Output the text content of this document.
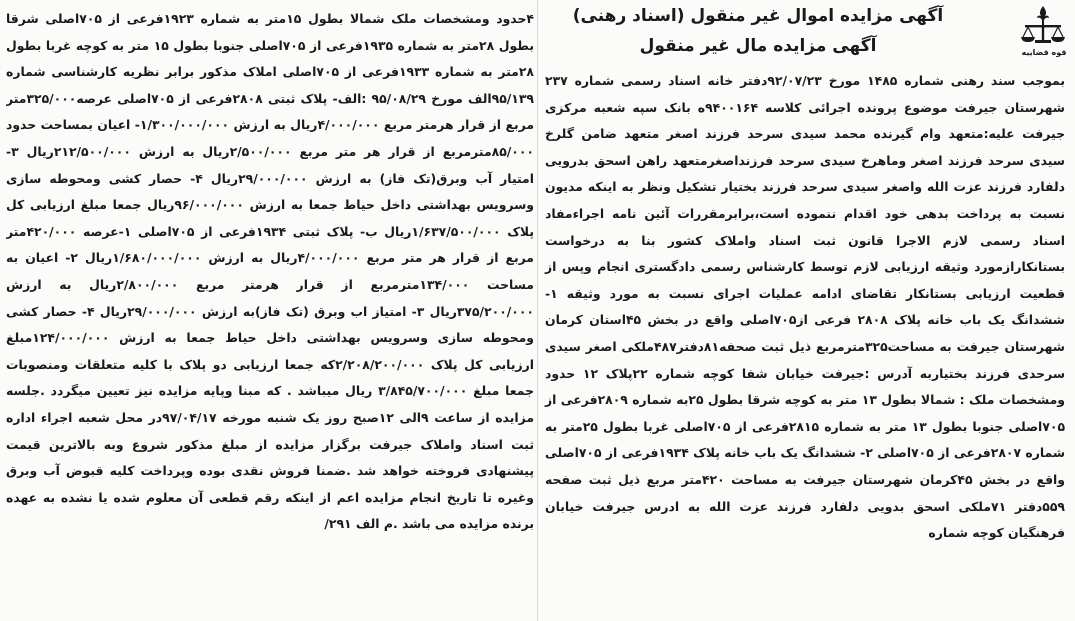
۴حدود ومشخصات ملک شمالا بطول ۱۵متر به شماره ۱۹۲۳فرعی از ۷۰۵اصلی شرقا بطول ۲۸متر به شماره ۱۹۳۵فرعی از ۷۰۵اصلی جنوبا بطول ۱۵ متر به کوچه غربا بطول ۲۸متر به شماره ۱۹۳۳فرعی از ۷۰۵اصلی املاک مذکور برابر نظریه کارشناسی شماره ۹۵/۱۳۹الف مورخ ۹۵/۰۸/۲۹ :الف- پلاک ثبتی ۲۸۰۸فرعی از ۷۰۵اصلی عرصه۳۲۵/۰۰۰متر مربع از قرار هرمتر مربع ۴/۰۰۰/۰۰۰ریال به ارزش ۱/۳۰۰/۰۰۰/۰۰۰- اعیان بمساحت حدود ۸۵/۰۰۰مترمربع از قرار هر متر مربع ۲/۵۰۰/۰۰۰ریال به ارزش ۲۱۲/۵۰۰/۰۰۰ریال ۳- امتیار آب وبرق(تک فاز) به ارزش ۲۹/۰۰۰/۰۰۰ریال ۴- حصار کشی ومحوطه سازی وسرویس بهداشتی داخل حیاط جمعا به ارزش ۹۶/۰۰۰/۰۰۰ریال جمعا مبلغ ارزیابی کل پلاک ۱/۶۳۷/۵۰۰/۰۰۰ریال ب- پلاک ثبتی ۱۹۳۴فرعی از ۷۰۵اصلی ۱-عرصه ۴۲۰/۰۰۰متر مربع از قرار هر متر مربع ۴/۰۰۰/۰۰۰ریال به ارزش ۱/۶۸۰/۰۰۰/۰۰۰ریال ۲- اعیان به مساحت ۱۳۴/۰۰۰مترمربع از قرار هرمتر مربع ۲/۸۰۰/۰۰۰ریال به ارزش ۳۷۵/۲۰۰/۰۰۰ریال ۳- امتیاز اب وبرق (تک فاز)به ارزش ۲۹/۰۰۰/۰۰۰ریال ۴- حصار کشی ومحوطه سازی وسرویس بهداشتی داخل حیاط جمعا به ارزش ۱۲۴/۰۰۰/۰۰۰مبلغ ارزیابی کل پلاک ۲/۲۰۸/۲۰۰/۰۰۰که جمعا ارزیابی دو پلاک با کلیه متعلقات ومنصوبات جمعا مبلغ ۳/۸۴۵/۷۰۰/۰۰۰ ریال میباشد . که مبنا وپایه مزایده نیز تعیین میگردد .جلسه مزایده از ساعت ۹الی ۱۲صبح روز یک شنبه مورخه ۹۷/۰۴/۱۷در محل شعبه اجراء اداره ثبت اسناد واملاک جیرفت برگزار مزایده از مبلغ مذکور شروع وبه بالاترین قیمت پیشنهادی فروخته خواهد شد .ضمنا فروش نقدی بوده وپرداخت کلیه قبوض آب وبرق وغیره تا تاریخ انجام مزایده اعم از اینکه رقم قطعی آن معلوم شده یا نشده به عهده برنده مزایده می باشد .م الف ۲۹۱/
قوه قضاییه
آگهی مزایده اموال غیر منقول (اسناد رهنی)
آگهی مزایده مال غیر منقول
بموجب سند رهنی شماره ۱۴۸۵ مورخ ۹۲/۰۷/۲۳دفتر خانه اسناد رسمی شماره ۲۳۷ شهرستان جیرفت موضوع پرونده اجرائی کلاسه ۹۴۰۰۱۶۴ه بانک سپه شعبه مرکزی جیرفت علیه:متعهد وام گیرنده محمد سیدی سرحد فرزند اصغر متعهد ضامن گلرخ سیدی سرحد فرزند اصغر وماهرخ سیدی سرحد فرزنداصغرمتعهد راهن اسحق بدرویی دلفارد فرزند عزت الله واصغر سیدی سرحد فرزند بختیار تشکیل ونظر به اینکه مدیون نسبت به پرداخت بدهی خود اقدام ننموده است،برابرمقررات آئین نامه اجراءمفاد اسناد رسمی لازم الاجرا قانون ثبت اسناد واملاک کشور بنا به درخواست بستانکارازمورد وثیقه ارزیابی لازم توسط کارشناس رسمی دادگستری انجام وپس از قطعیت ارزیابی بستانکار تقاضای ادامه عملیات اجرای نسبت به مورد وثیقه ۱- ششدانگ یک باب خانه پلاک ۲۸۰۸ فرعی از۷۰۵اصلی واقع در بخش ۴۵استان کرمان شهرستان جیرفت به مساحت۳۲۵مترمربع ذیل ثبت صحفه۸۱دفتر۴۸۷ملکی اصغر سیدی سرحدی فرزند بختیاربه آدرس :جیرفت خیابان شفا کوچه شماره ۲۲پلاک ۱۲ حدود ومشخصات ملک : شمالا بطول ۱۳ متر به کوچه شرقا بطول ۲۵به شماره ۲۸۰۹فرعی از ۷۰۵اصلی جنوبا بطول ۱۳ متر به شماره ۲۸۱۵فرعی از ۷۰۵اصلی غربا بطول ۲۵متر به شماره ۲۸۰۷فرعی از ۷۰۵اصلی ۲- ششدانگ یک باب خانه پلاک ۱۹۳۴فرعی از ۷۰۵اصلی واقع در بخش ۴۵کرمان شهرستان جیرفت به مساحت ۴۲۰متر مربع ذیل ثبت صفحه ۵۵۹دفتر ۷۱ملکی اسحق بدویی دلفارد فرزند عزت الله به ادرس جیرفت خیابان فرهنگیان کوچه شماره
